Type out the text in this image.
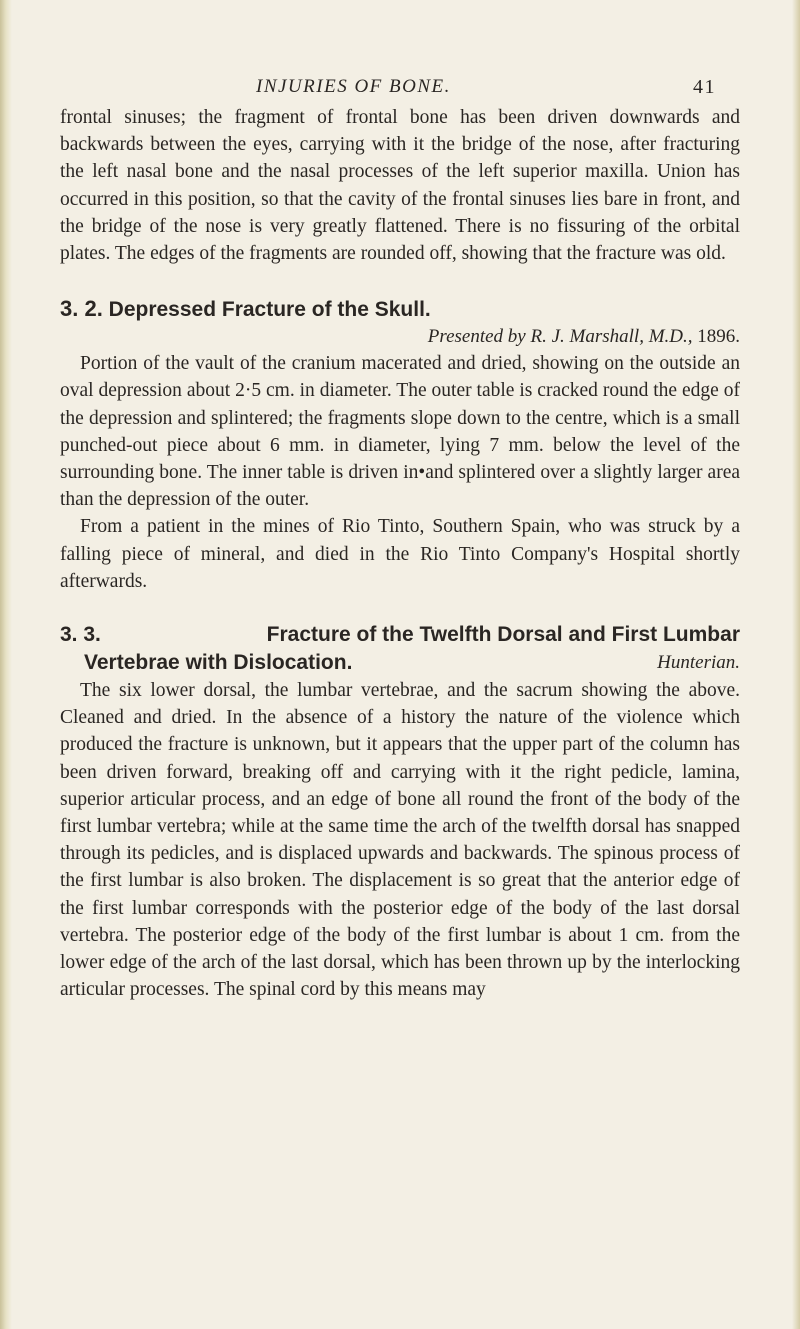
INJURIES OF BONE.	41

frontal sinuses; the fragment of frontal bone has been driven downwards and backwards between the eyes, carrying with it the bridge of the nose, after fracturing the left nasal bone and the nasal processes of the left superior maxilla. Union has occurred in this position, so that the cavity of the frontal sinuses lies bare in front, and the bridge of the nose is very greatly flattened. There is no fissuring of the orbital plates. The edges of the fragments are rounded off, showing that the fracture was old.

3. 2. Depressed Fracture of the Skull.
Presented by R. J. Marshall, M.D., 1896.

Portion of the vault of the cranium macerated and dried, showing on the outside an oval depression about 2·5 cm. in diameter. The outer table is cracked round the edge of the depression and splintered; the fragments slope down to the centre, which is a small punched-out piece about 6 mm. in diameter, lying 7 mm. below the level of the surrounding bone. The inner table is driven in•and splintered over a slightly larger area than the depression of the outer.

From a patient in the mines of Rio Tinto, Southern Spain, who was struck by a falling piece of mineral, and died in the Rio Tinto Company's Hospital shortly afterwards.

3. 3.	Fracture of the Twelfth Dorsal and First Lumbar
Vertebrae with Dislocation.	Hunterian.

The six lower dorsal, the lumbar vertebrae, and the sacrum showing the above. Cleaned and dried. In the absence of a history the nature of the violence which produced the fracture is unknown, but it appears that the upper part of the column has been driven forward, breaking off and carrying with it the right pedicle, lamina, superior articular process, and an edge of bone all round the front of the body of the first lumbar vertebra; while at the same time the arch of the twelfth dorsal has snapped through its pedicles, and is displaced upwards and backwards. The spinous process of the first lumbar is also broken. The displacement is so great that the anterior edge of the first lumbar corresponds with the posterior edge of the body of the last dorsal vertebra. The posterior edge of the body of the first lumbar is about 1 cm. from the lower edge of the arch of the last dorsal, which has been thrown up by the interlocking articular processes. The spinal cord by this means may
